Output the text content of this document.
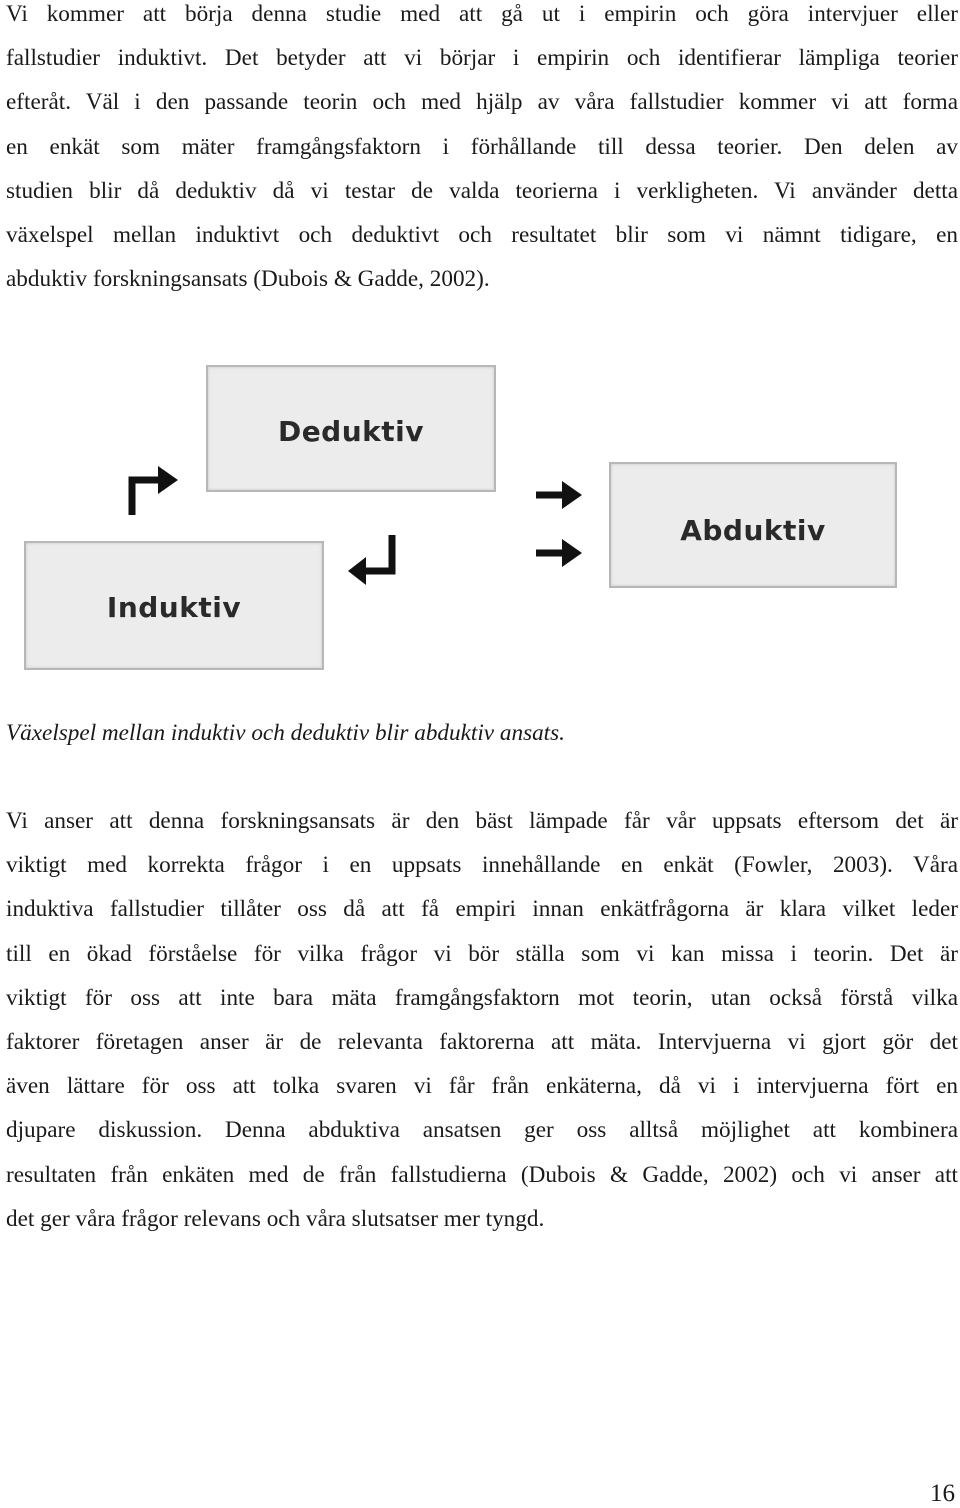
Vi kommer att börja denna studie med att gå ut i empirin och göra intervjuer eller
fallstudier induktivt. Det betyder att vi börjar i empirin och identifierar lämpliga teorier
efteråt. Väl i den passande teorin och med hjälp av våra fallstudier kommer vi att forma
en enkät som mäter framgångsfaktorn i förhållande till dessa teorier. Den delen av
studien blir då deduktiv då vi testar de valda teorierna i verkligheten. Vi använder detta
växelspel mellan induktivt och deduktivt och resultatet blir som vi nämnt tidigare, en
abduktiv forskningsansats (Dubois & Gadde, 2002).
Deduktiv
Abduktiv
Induktiv

Växelspel mellan induktiv och deduktiv blir abduktiv ansats.

Vi anser att denna forskningsansats är den bäst lämpade får vår uppsats eftersom det är
viktigt med korrekta frågor i en uppsats innehållande en enkät (Fowler, 2003). Våra
induktiva fallstudier tillåter oss då att få empiri innan enkätfrågorna är klara vilket leder
till en ökad förståelse för vilka frågor vi bör ställa som vi kan missa i teorin. Det är
viktigt för oss att inte bara mäta framgångsfaktorn mot teorin, utan också förstå vilka
faktorer företagen anser är de relevanta faktorerna att mäta. Intervjuerna vi gjort gör det
även lättare för oss att tolka svaren vi får från enkäterna, då vi i intervjuerna fört en
djupare diskussion. Denna abduktiva ansatsen ger oss alltså möjlighet att kombinera
resultaten från enkäten med de från fallstudierna (Dubois & Gadde, 2002) och vi anser att
det ger våra frågor relevans och våra slutsatser mer tyngd.

16
